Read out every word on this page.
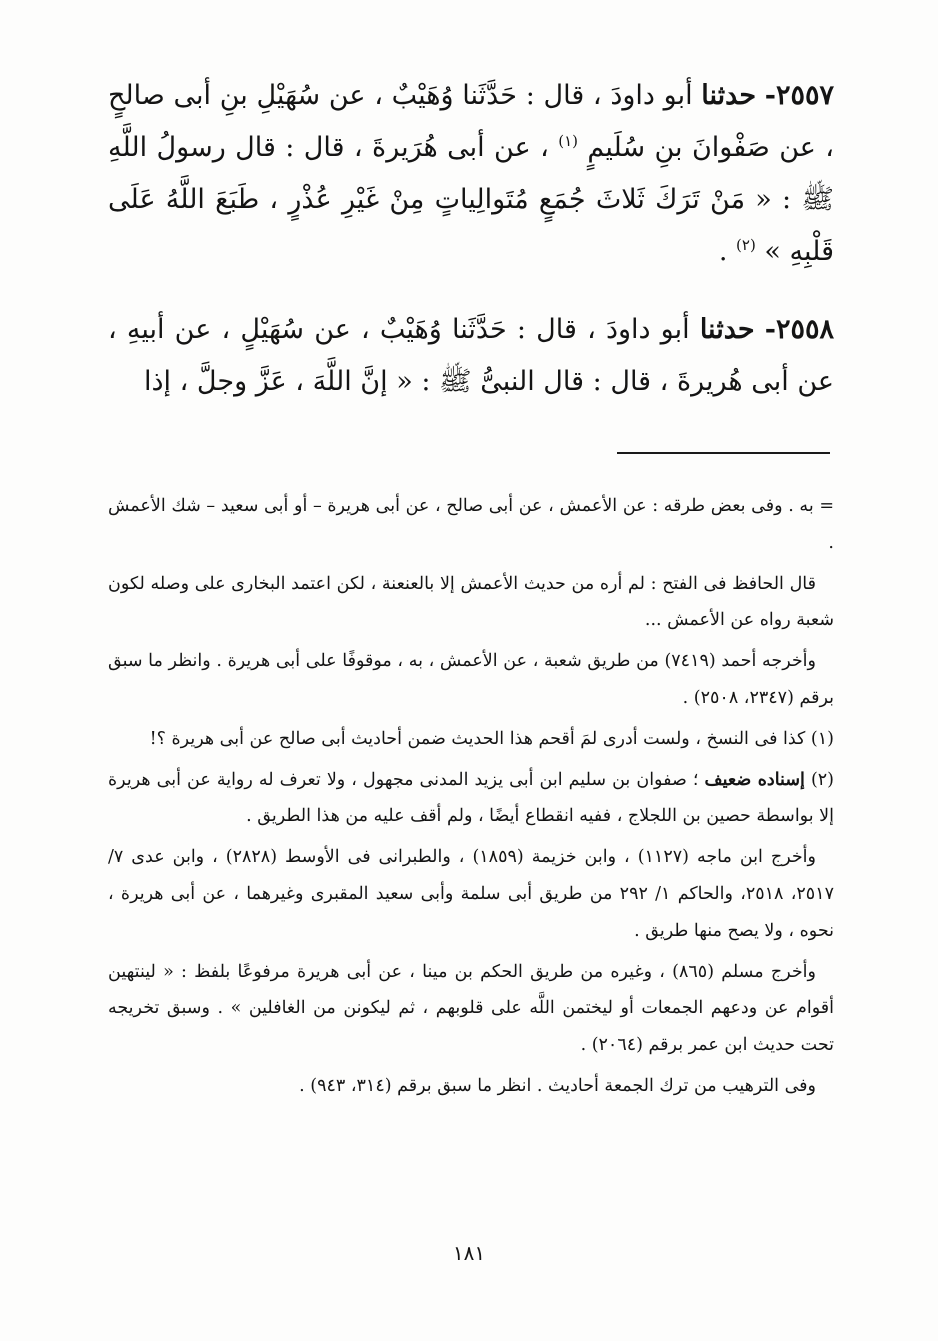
٢٥٥٧- حدثنا أبو داودَ ، قال : حَدَّثَنا وُهَيْبٌ ، عن سُهَيْلِ بنِ أبى صالحٍ ، عن صَفْوانَ بنِ سُلَيمٍ $^{(١)}$ ، عن أبى هُرَيرةَ ، قال : قال رسولُ اللَّهِ ﷺ : « مَنْ تَرَكَ ثَلاثَ جُمَعٍ مُتَوالِياتٍ مِنْ غَيْرِ عُذْرٍ ، طَبَعَ اللَّهُ عَلَى قَلْبِهِ » $^{(٢)}$ .
٢٥٥٨- حدثنا أبو داودَ ، قال : حَدَّثَنا وُهَيْبٌ ، عن سُهَيْلٍ ، عن أبيهِ ، عن أبى هُريرةَ ، قال : قال النبىُّ ﷺ : « إنَّ اللَّهَ ، عَزَّ وجلَّ ، إذا

= به . وفى بعض طرقه : عن الأعمش ، عن أبى صالح ، عن أبى هريرة – أو أبى سعيد – شك الأعمش .

قال الحافظ فى الفتح : لم أره من حديث الأعمش إلا بالعنعنة ، لكن اعتمد البخارى على وصله لكون شعبة رواه عن الأعمش ...

وأخرجه أحمد (٧٤١٩) من طريق شعبة ، عن الأعمش ، به ، موقوفًا على أبى هريرة . وانظر ما سبق برقم (٢٣٤٧، ٢٥٠٨) .

(١) كذا فى النسخ ، ولست أدرى لمَ أقحم هذا الحديث ضمن أحاديث أبى صالح عن أبى هريرة ؟!

(٢) إسناده ضعيف ؛ صفوان بن سليم ابن أبى يزيد المدنى مجهول ، ولا تعرف له رواية عن أبى هريرة إلا بواسطة حصين بن اللجلاج ، ففيه انقطاع أيضًا ، ولم أقف عليه من هذا الطريق .

وأخرج ابن ماجه (١١٢٧) ، وابن خزيمة (١٨٥٩) ، والطبرانى فى الأوسط (٢٨٢٨) ، وابن عدى ٧/ ٢٥١٧، ٢٥١٨، والحاكم ١/ ٢٩٢ من طريق أبى سلمة وأبى سعيد المقبرى وغيرهما ، عن أبى هريرة ، نحوه ، ولا يصح منها طريق .

وأخرج مسلم (٨٦٥) ، وغيره من طريق الحكم بن مينا ، عن أبى هريرة مرفوعًا بلفظ : « لينتهين أقوام عن ودعهم الجمعات أو ليختمن اللَّه على قلوبهم ، ثم ليكونن من الغافلين » . وسبق تخريجه تحت حديث ابن عمر برقم (٢٠٦٤) .

وفى الترهيب من ترك الجمعة أحاديث . انظر ما سبق برقم (٣١٤، ٩٤٣) .

١٨١
